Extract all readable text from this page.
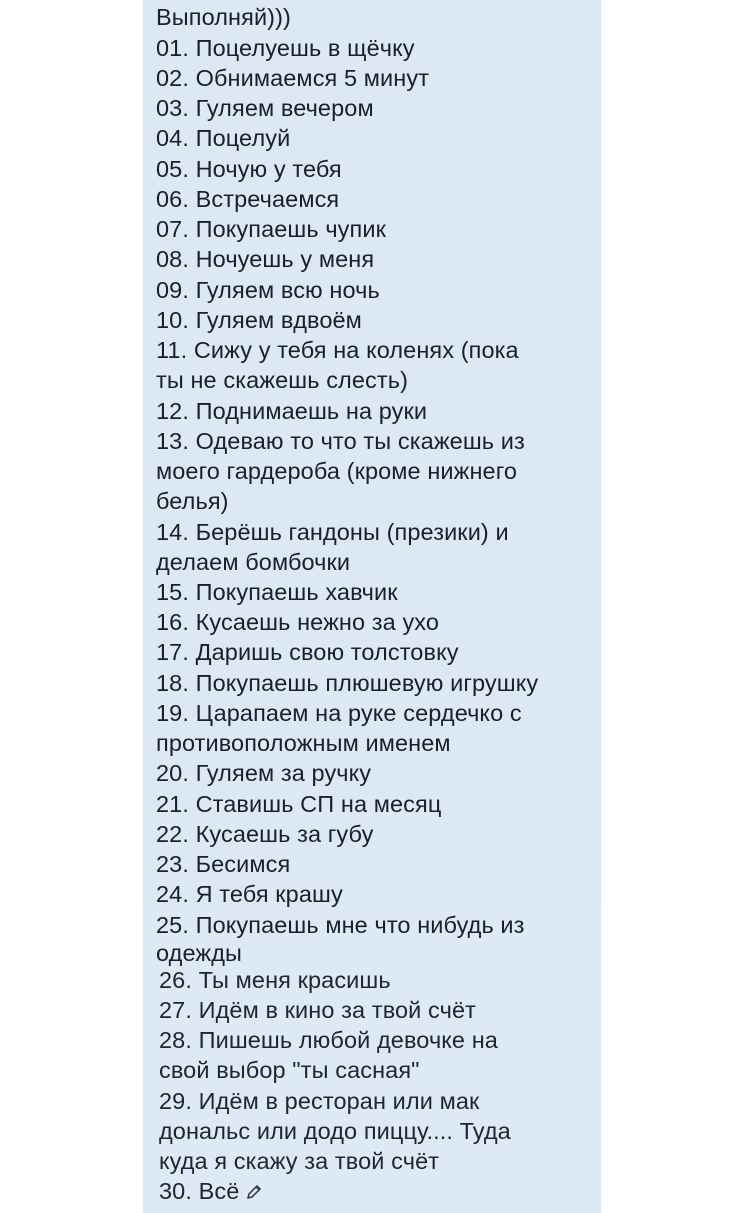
Выполняй)))
01. Поцелуешь в щёчку
02. Обнимаемся 5 минут
03. Гуляем вечером
04. Поцелуй
05. Ночую у тебя
06. Встречаемся
07. Покупаешь чупик
08. Ночуешь у меня
09. Гуляем всю ночь
10. Гуляем вдвоём
11. Сижу у тебя на коленях (пока
ты не скажешь слесть)
12. Поднимаешь на руки
13. Одеваю то что ты скажешь из
моего гардероба (кроме нижнего
белья)
14. Берёшь гандоны (презики) и
делаем бомбочки
15. Покупаешь хавчик
16. Кусаешь нежно за ухо
17. Даришь свою толстовку
18. Покупаешь плюшевую игрушку
19. Царапаем на руке сердечко с
противоположным именем
20. Гуляем за ручку
21. Ставишь СП на месяц
22. Кусаешь за губу
23. Бесимся
24. Я тебя крашу
25. Покупаешь мне что нибудь из
одежды
26. Ты меня красишь
27. Идём в кино за твой счёт
28. Пишешь любой девочке на
свой выбор "ты сасная"
29. Идём в ресторан или мак
дональс или додо пиццу.... Туда
куда я скажу за твой счёт
30. Всё
